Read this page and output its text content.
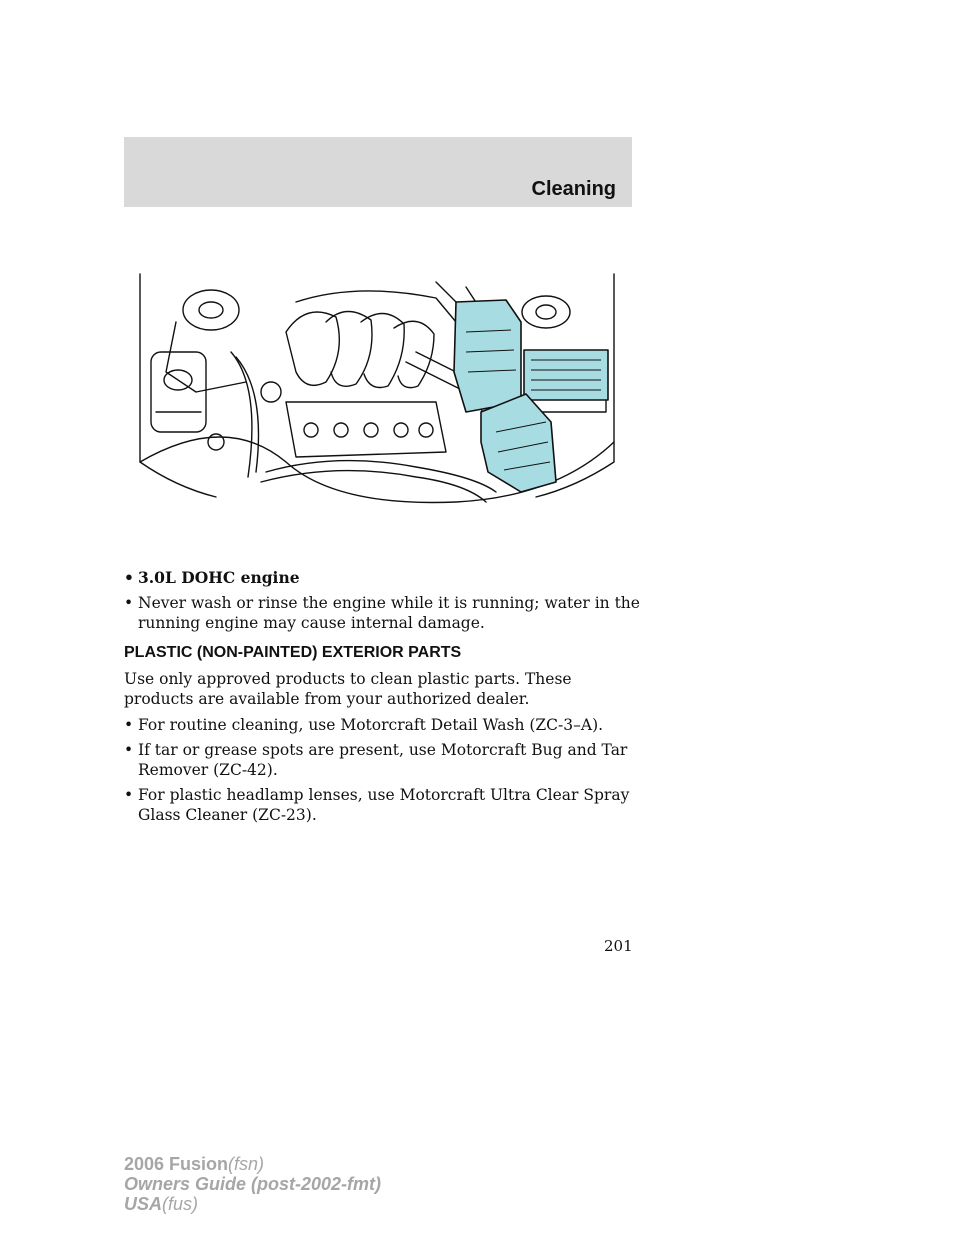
Cleaning
• 3.0L DOHC engine
• Never wash or rinse the engine while it is running; water in the running engine may cause internal damage.
PLASTIC (NON-PAINTED) EXTERIOR PARTS

Use only approved products to clean plastic parts. These products are available from your authorized dealer.

• For routine cleaning, use Motorcraft Detail Wash (ZC-3–A).
• If tar or grease spots are present, use Motorcraft Bug and Tar Remover (ZC-42).
• For plastic headlamp lenses, use Motorcraft Ultra Clear Spray Glass Cleaner (ZC-23).
201
2006 Fusion(fsn)
Owners Guide (post-2002-fmt)
USA(fus)
